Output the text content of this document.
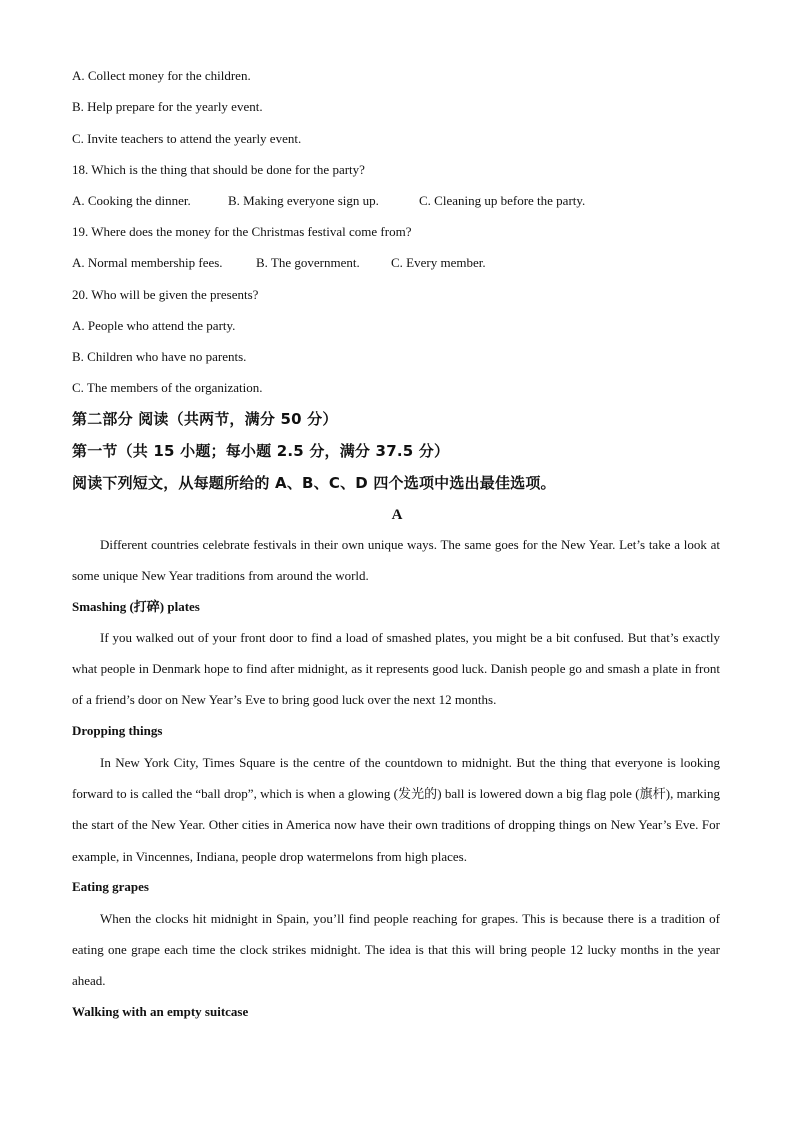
A. Collect money for the children.
B. Help prepare for the yearly event.
C. Invite teachers to attend the yearly event.
18. Which is the thing that should be done for the party?
A. Cooking the dinner.	B. Making everyone sign up.	C. Cleaning up before the party.
19. Where does the money for the Christmas festival come from?
A. Normal membership fees.	B. The government. C. Every member.
20. Who will be given the presents?
A. People who attend the party.
B. Children who have no parents.
C. The members of the organization.
第二部分 阅读（共两节，满分 50 分）
第一节（共 15 小题；每小题 2.5 分，满分 37.5 分）
阅读下列短文，从每题所给的 A、B、C、D 四个选项中选出最佳选项。
A

Different countries celebrate festivals in their own unique ways. The same goes for the New Year. Let’s take a look at some unique New Year traditions from around the world.

Smashing (打碎) plates

If you walked out of your front door to find a load of smashed plates, you might be a bit confused. But that’s exactly what people in Denmark hope to find after midnight, as it represents good luck. Danish people go and smash a plate in front of a friend’s door on New Year’s Eve to bring good luck over the next 12 months.

Dropping things

In New York City, Times Square is the centre of the countdown to midnight. But the thing that everyone is looking forward to is called the “ball drop”, which is when a glowing (发光的) ball is lowered down a big flag pole (旗杆), marking the start of the New Year. Other cities in America now have their own traditions of dropping things on New Year’s Eve. For example, in Vincennes, Indiana, people drop watermelons from high places.

Eating grapes

When the clocks hit midnight in Spain, you’ll find people reaching for grapes. This is because there is a tradition of eating one grape each time the clock strikes midnight. The idea is that this will bring people 12 lucky months in the year ahead.

Walking with an empty suitcase
